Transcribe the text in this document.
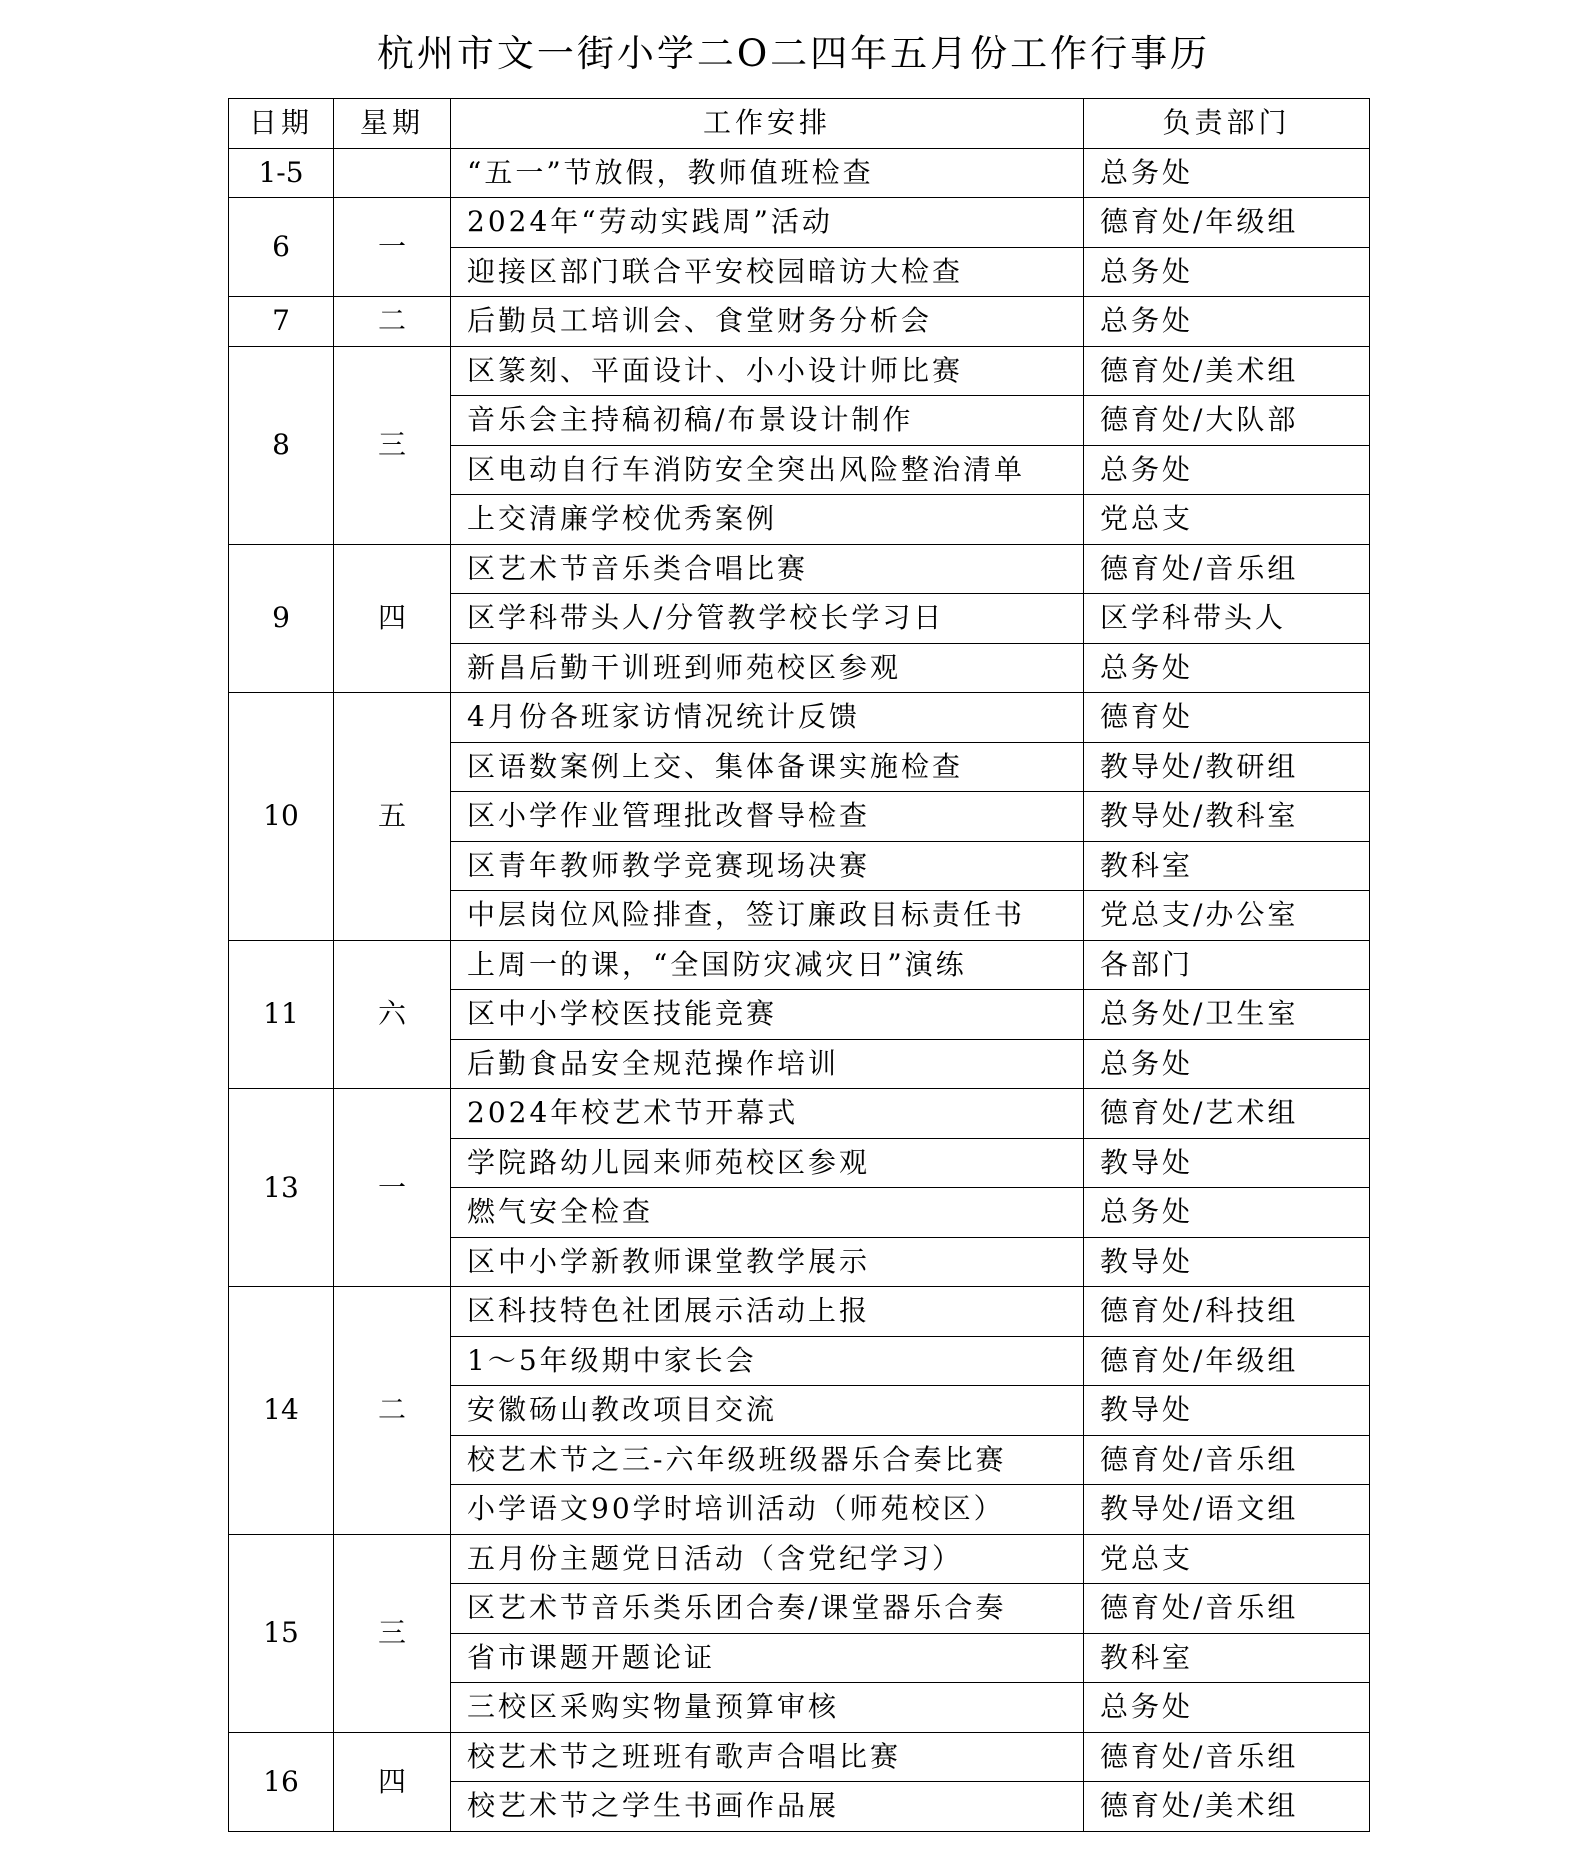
杭州市文一街小学二O二四年五月份工作行事历
日期	星期	工作安排	负责部门
1-5		“五一”节放假，教师值班检查	总务处
6	一	2024年“劳动实践周”活动	德育处/年级组
		迎接区部门联合平安校园暗访大检查	总务处
7	二	后勤员工培训会、食堂财务分析会	总务处
8	三	区篆刻、平面设计、小小设计师比赛	德育处/美术组
		音乐会主持稿初稿/布景设计制作	德育处/大队部
		区电动自行车消防安全突出风险整治清单	总务处
		上交清廉学校优秀案例	党总支
9	四	区艺术节音乐类合唱比赛	德育处/音乐组
		区学科带头人/分管教学校长学习日	区学科带头人
		新昌后勤干训班到师苑校区参观	总务处
10	五	4月份各班家访情况统计反馈	德育处
		区语数案例上交、集体备课实施检查	教导处/教研组
		区小学作业管理批改督导检查	教导处/教科室
		区青年教师教学竞赛现场决赛	教科室
		中层岗位风险排查，签订廉政目标责任书	党总支/办公室
11	六	上周一的课，“全国防灾减灾日”演练	各部门
		区中小学校医技能竞赛	总务处/卫生室
		后勤食品安全规范操作培训	总务处
13	一	2024年校艺术节开幕式	德育处/艺术组
		学院路幼儿园来师苑校区参观	教导处
		燃气安全检查	总务处
		区中小学新教师课堂教学展示	教导处
14	二	区科技特色社团展示活动上报	德育处/科技组
		1～5年级期中家长会	德育处/年级组
		安徽砀山教改项目交流	教导处
		校艺术节之三-六年级班级器乐合奏比赛	德育处/音乐组
		小学语文90学时培训活动（师苑校区）	教导处/语文组
15	三	五月份主题党日活动（含党纪学习）	党总支
		区艺术节音乐类乐团合奏/课堂器乐合奏	德育处/音乐组
		省市课题开题论证	教科室
		三校区采购实物量预算审核	总务处
16	四	校艺术节之班班有歌声合唱比赛	德育处/音乐组
		校艺术节之学生书画作品展	德育处/美术组
